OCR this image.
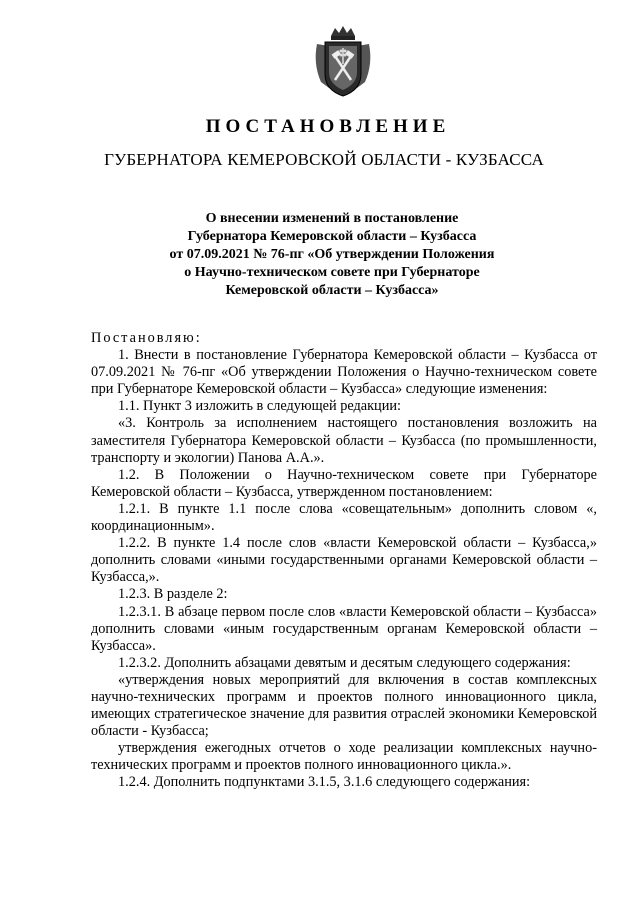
ПОСТАНОВЛЕНИЕ
ГУБЕРНАТОРА КЕМЕРОВСКОЙ ОБЛАСТИ - КУЗБАССА
О внесении изменений в постановление
Губернатора Кемеровской области – Кузбасса
от 07.09.2021 № 76-пг «Об утверждении Положения
о Научно-техническом совете при Губернаторе
Кемеровской области – Кузбасса»

Постановляю:

1. Внести в постановление Губернатора Кемеровской области – Кузбасса от 07.09.2021 № 76-пг «Об утверждении Положения о Научно-техническом совете при Губернаторе Кемеровской области – Кузбасса» следующие изменения:

1.1. Пункт 3 изложить в следующей редакции:

«3. Контроль за исполнением настоящего постановления возложить на заместителя Губернатора Кемеровской области – Кузбасса (по промышленности, транспорту и экологии) Панова А.А.».

1.2. В Положении о Научно-техническом совете при Губернаторе Кемеровской области – Кузбасса, утвержденном постановлением:

1.2.1. В пункте 1.1 после слова «совещательным» дополнить словом «, координационным».

1.2.2. В пункте 1.4 после слов «власти Кемеровской области – Кузбасса,» дополнить словами «иными государственными органами Кемеровской области – Кузбасса,».

1.2.3. В разделе 2:

1.2.3.1. В абзаце первом после слов «власти Кемеровской области – Кузбасса» дополнить словами «иным государственным органам Кемеровской области – Кузбасса».

1.2.3.2. Дополнить абзацами девятым и десятым следующего содержания:

«утверждения новых мероприятий для включения в состав комплексных научно-технических программ и проектов полного инновационного цикла, имеющих стратегическое значение для развития отраслей экономики Кемеровской области - Кузбасса;

утверждения ежегодных отчетов о ходе реализации комплексных научно-технических программ и проектов полного инновационного цикла.».

1.2.4. Дополнить подпунктами 3.1.5, 3.1.6 следующего содержания:
